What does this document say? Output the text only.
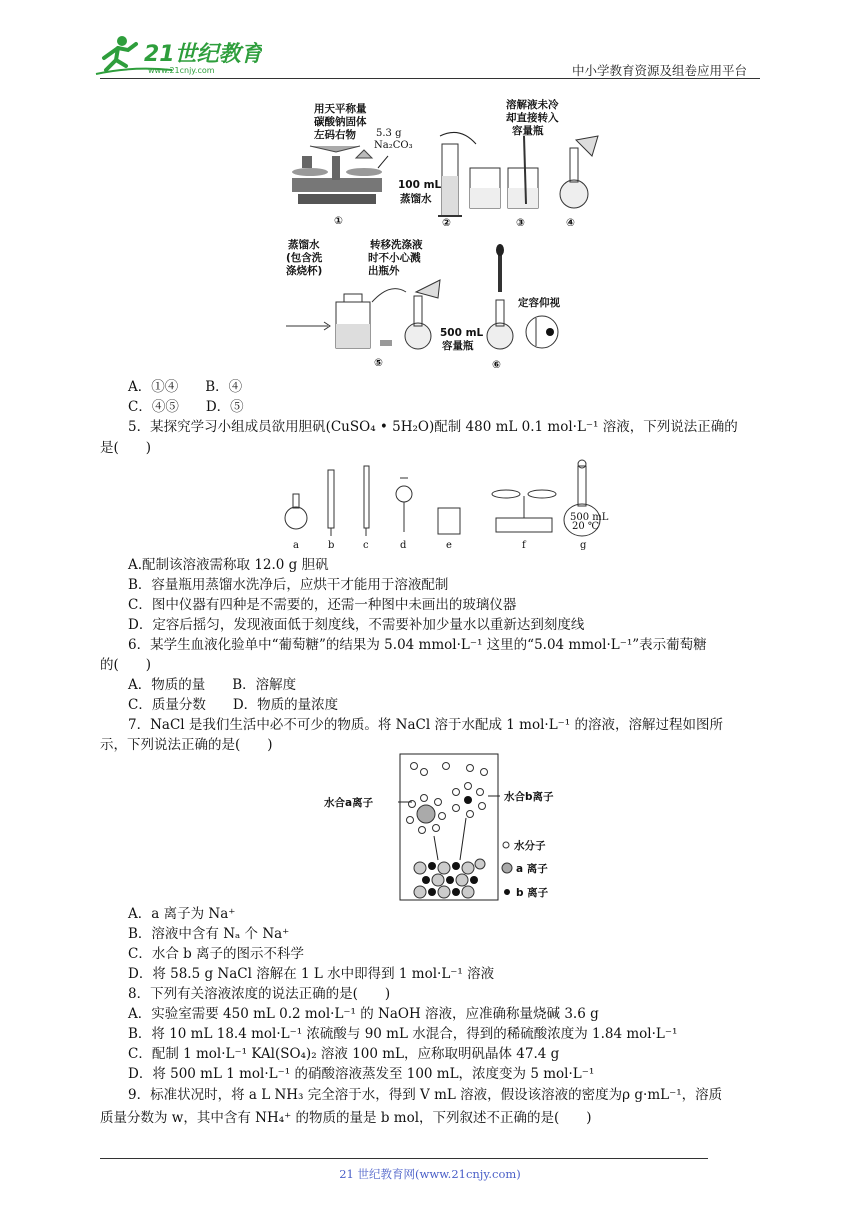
21世纪教育
www.21cnjy.com	中小学教育资源及组卷应用平台
用天平称量
碳酸钠固体
左码右物 5.3 g
Na₂CO₃
①
100 mL
蒸馏水
②	③
溶解液未冷
却直接转入
容量瓶
④
蒸馏水
(包含洗
涤烧杯)
转移洗涤液
时不小心溅
出瓶外
⑤
500 mL
容量瓶
⑥
定容仰视
A．①④　　B．④
C．④⑤　　D．⑤
5．某探究学习小组成员欲用胆矾(CuSO₄ • 5H₂O)配制 480 mL 0.1 mol·L⁻¹ 溶液，下列说法正确的
是(　　)
500 mL
20 ℃
a	b	c	d	e	f	g
A.配制该溶液需称取 12.0 g 胆矾
B．容量瓶用蒸馏水洗净后，应烘干才能用于溶液配制
C．图中仪器有四种是不需要的，还需一种图中未画出的玻璃仪器
D．定容后摇匀，发现液面低于刻度线，不需要补加少量水以重新达到刻度线
6．某学生血液化验单中“葡萄糖”的结果为 5.04 mmol·L⁻¹ 这里的“5.04 mmol·L⁻¹”表示葡萄糖
的(　　)
A．物质的量　　B．溶解度
C．质量分数　　D．物质的量浓度
7．NaCl 是我们生活中必不可少的物质。将 NaCl 溶于水配成 1 mol·L⁻¹ 的溶液，溶解过程如图所
示，下列说法正确的是(　　)
水合a离子	水合b离子
水分子
a 离子
b 离子
A．a 离子为 Na⁺
B．溶液中含有 Nₐ 个 Na⁺
C．水合 b 离子的图示不科学
D．将 58.5 g NaCl 溶解在 1 L 水中即得到 1 mol·L⁻¹ 溶液
8．下列有关溶液浓度的说法正确的是(　　)
A．实验室需要 450 mL 0.2 mol·L⁻¹ 的 NaOH 溶液，应准确称量烧碱 3.6 g
B．将 10 mL 18.4 mol·L⁻¹ 浓硫酸与 90 mL 水混合，得到的稀硫酸浓度为 1.84 mol·L⁻¹
C．配制 1 mol·L⁻¹ KAl(SO₄)₂ 溶液 100 mL，应称取明矾晶体 47.4 g
D．将 500 mL 1 mol·L⁻¹ 的硝酸溶液蒸发至 100 mL，浓度变为 5 mol·L⁻¹
9．标准状况时，将 a L NH₃ 完全溶于水，得到 V mL 溶液，假设该溶液的密度为ρ g·mL⁻¹，溶质
质量分数为 w，其中含有 NH₄⁺ 的物质的量是 b mol，下列叙述不正确的是(　　)
21 世纪教育网(www.21cnjy.com)
